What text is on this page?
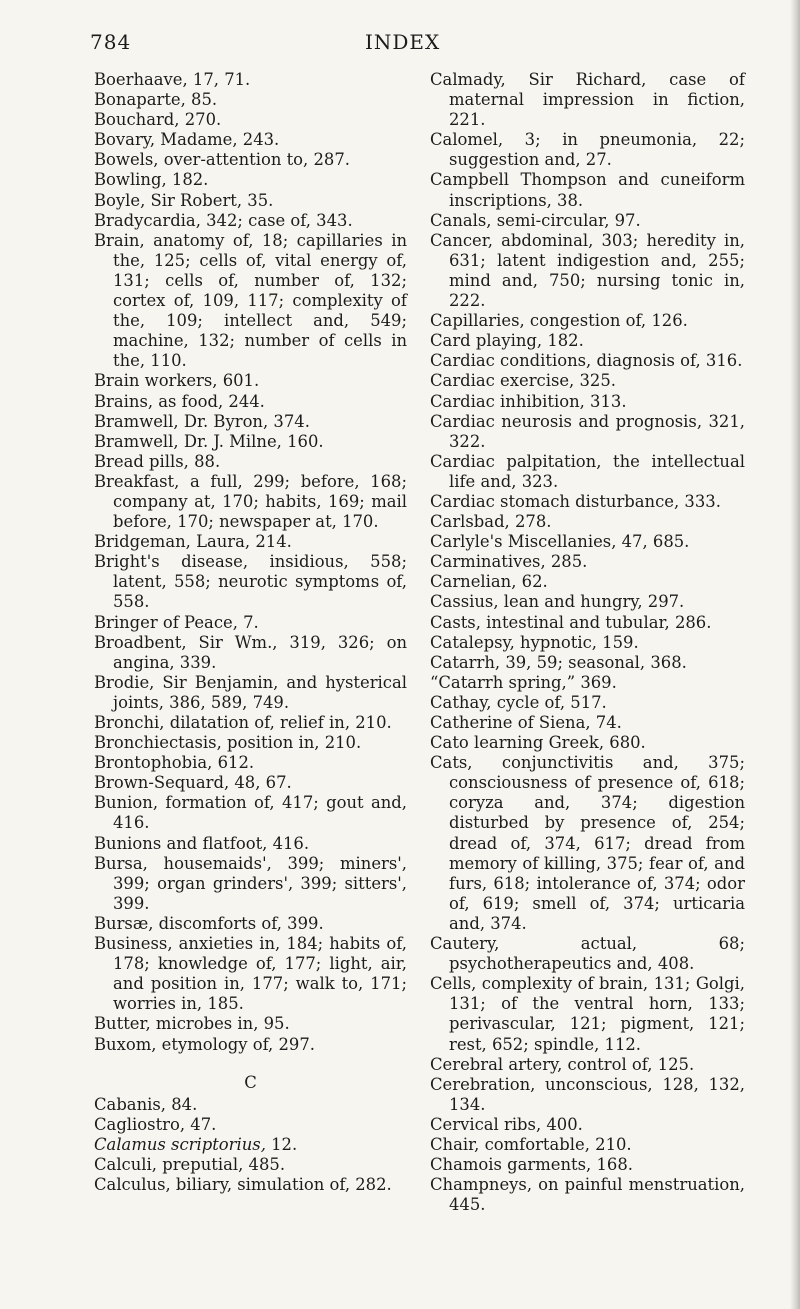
784	INDEX

Boerhaave, 17, 71.

Bonaparte, 85.

Bouchard, 270.

Bovary, Madame, 243.

Bowels, over-attention to, 287.

Bowling, 182.

Boyle, Sir Robert, 35.

Bradycardia, 342; case of, 343.

Brain, anatomy of, 18; capillaries in the, 125; cells of, vital energy of, 131; cells of, number of, 132; cortex of, 109, 117; complexity of the, 109; intellect and, 549; machine, 132; number of cells in the, 110.

Brain workers, 601.

Brains, as food, 244.

Bramwell, Dr. Byron, 374.

Bramwell, Dr. J. Milne, 160.

Bread pills, 88.

Breakfast, a full, 299; before, 168; company at, 170; habits, 169; mail before, 170; newspaper at, 170.

Bridgeman, Laura, 214.

Bright's disease, insidious, 558; latent, 558; neurotic symptoms of, 558.

Bringer of Peace, 7.

Broadbent, Sir Wm., 319, 326; on angina, 339.

Brodie, Sir Benjamin, and hysterical joints, 386, 589, 749.

Bronchi, dilatation of, relief in, 210.

Bronchiectasis, position in, 210.

Brontophobia, 612.

Brown-Sequard, 48, 67.

Bunion, formation of, 417; gout and, 416.

Bunions and flatfoot, 416.

Bursa, housemaids', 399; miners', 399; organ grinders', 399; sitters', 399.

Bursæ, discomforts of, 399.

Business, anxieties in, 184; habits of, 178; knowledge of, 177; light, air, and position in, 177; walk to, 171; worries in, 185.

Butter, microbes in, 95.

Buxom, etymology of, 297.

C

Cabanis, 84.

Cagliostro, 47.

Calamus scriptorius, 12.

Calculi, preputial, 485.

Calculus, biliary, simulation of, 282.

Calmady, Sir Richard, case of maternal impression in fiction, 221.

Calomel, 3; in pneumonia, 22; suggestion and, 27.

Campbell Thompson and cuneiform inscriptions, 38.

Canals, semi-circular, 97.

Cancer, abdominal, 303; heredity in, 631; latent indigestion and, 255; mind and, 750; nursing tonic in, 222.

Capillaries, congestion of, 126.

Card playing, 182.

Cardiac conditions, diagnosis of, 316.

Cardiac exercise, 325.

Cardiac inhibition, 313.

Cardiac neurosis and prognosis, 321, 322.

Cardiac palpitation, the intellectual life and, 323.

Cardiac stomach disturbance, 333.

Carlsbad, 278.

Carlyle's Miscellanies, 47, 685.

Carminatives, 285.

Carnelian, 62.

Cassius, lean and hungry, 297.

Casts, intestinal and tubular, 286.

Catalepsy, hypnotic, 159.

Catarrh, 39, 59; seasonal, 368.

“Catarrh spring,” 369.

Cathay, cycle of, 517.

Catherine of Siena, 74.

Cato learning Greek, 680.

Cats, conjunctivitis and, 375; consciousness of presence of, 618; coryza and, 374; digestion disturbed by presence of, 254; dread of, 374, 617; dread from memory of killing, 375; fear of, and furs, 618; intolerance of, 374; odor of, 619; smell of, 374; urticaria and, 374.

Cautery, actual, 68; psychotherapeutics and, 408.

Cells, complexity of brain, 131; Golgi, 131; of the ventral horn, 133; perivascular, 121; pigment, 121; rest, 652; spindle, 112.

Cerebral artery, control of, 125.

Cerebration, unconscious, 128, 132, 134.

Cervical ribs, 400.

Chair, comfortable, 210.

Chamois garments, 168.

Champneys, on painful menstruation, 445.
